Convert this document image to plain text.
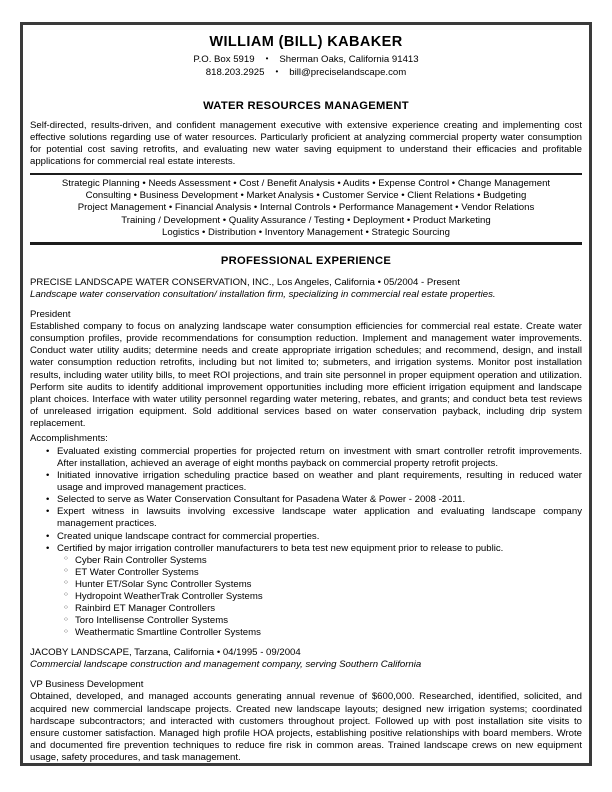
WILLIAM (BILL) KABAKER
P.O. Box 5919 • Sherman Oaks, California 91413
818.203.2925 • bill@preciselandscape.com
WATER RESOURCES MANAGEMENT

Self-directed, results-driven, and confident management executive with extensive experience creating and implementing cost effective solutions regarding use of water resources. Particularly proficient at analyzing commercial property water consumption for potential cost saving retrofits, and evaluating new water saving equipment to understand their efficacies and profitable applications for commercial real estate interests.

Strategic Planning • Needs Assessment • Cost / Benefit Analysis • Audits • Expense Control • Change Management
Consulting • Business Development • Market Analysis • Customer Service • Client Relations • Budgeting
Project Management • Financial Analysis • Internal Controls • Performance Management • Vendor Relations
Training / Development • Quality Assurance / Testing • Deployment • Product Marketing
Logistics • Distribution • Inventory Management • Strategic Sourcing
PROFESSIONAL EXPERIENCE
PRECISE LANDSCAPE WATER CONSERVATION, INC., Los Angeles, California • 05/2004 - Present

Landscape water conservation consultation/ installation firm, specializing in commercial real estate properties.

President

Established company to focus on analyzing landscape water consumption efficiencies for commercial real estate. Create water consumption profiles, provide recommendations for consumption reduction. Implement and management water improvements. Conduct water utility audits; determine needs and create appropriate irrigation schedules; and recommend, design, and install water consumption reduction retrofits, including but not limited to; submeters, and irrigation systems. Monitor post installation results, including water utility bills, to meet ROI projections, and train site personnel in proper equipment operation and utilization. Perform site audits to identify additional improvement opportunities including more efficient irrigation equipment and landscape plant choices. Interface with water utility personnel regarding water metering, rebates, and grants; and conduct beta test reviews of unreleased irrigation equipment. Sold additional services based on water conservation payback, including drip system replacement.

Accomplishments:

• Evaluated existing commercial properties for projected return on investment with smart controller retrofit improvements. After installation, achieved an average of eight months payback on commercial property retrofit projects.
• Initiated innovative irrigation scheduling practice based on weather and plant requirements, resulting in reduced water usage and improved management practices.
• Selected to serve as Water Conservation Consultant for Pasadena Water & Power - 2008 -2011.
• Expert witness in lawsuits involving excessive landscape water application and evaluating landscape company management practices.
• Created unique landscape contract for commercial properties.
• Certified by major irrigation controller manufacturers to beta test new equipment prior to release to public.
○ Cyber Rain Controller Systems
○ ET Water Controller Systems
○ Hunter ET/Solar Sync Controller Systems
○ Hydropoint WeatherTrak Controller Systems
○ Rainbird ET Manager Controllers
○ Toro Intellisense Controller Systems
○ Weathermatic Smartline Controller Systems
JACOBY LANDSCAPE, Tarzana, California • 04/1995 - 09/2004

Commercial landscape construction and management company, serving Southern California

VP Business Development

Obtained, developed, and managed accounts generating annual revenue of $600,000. Researched, identified, solicited, and acquired new commercial landscape projects. Created new landscape layouts; designed new irrigation systems; coordinated hardscape subcontractors; and interacted with customers throughout project. Followed up with post installation site visits to ensure customer satisfaction. Managed high profile HOA projects, establishing positive relationships with board members. Wrote and documented fire prevention techniques to reduce fire risk in common areas. Trained landscape crews on new equipment usage, safety procedures, and task management.
